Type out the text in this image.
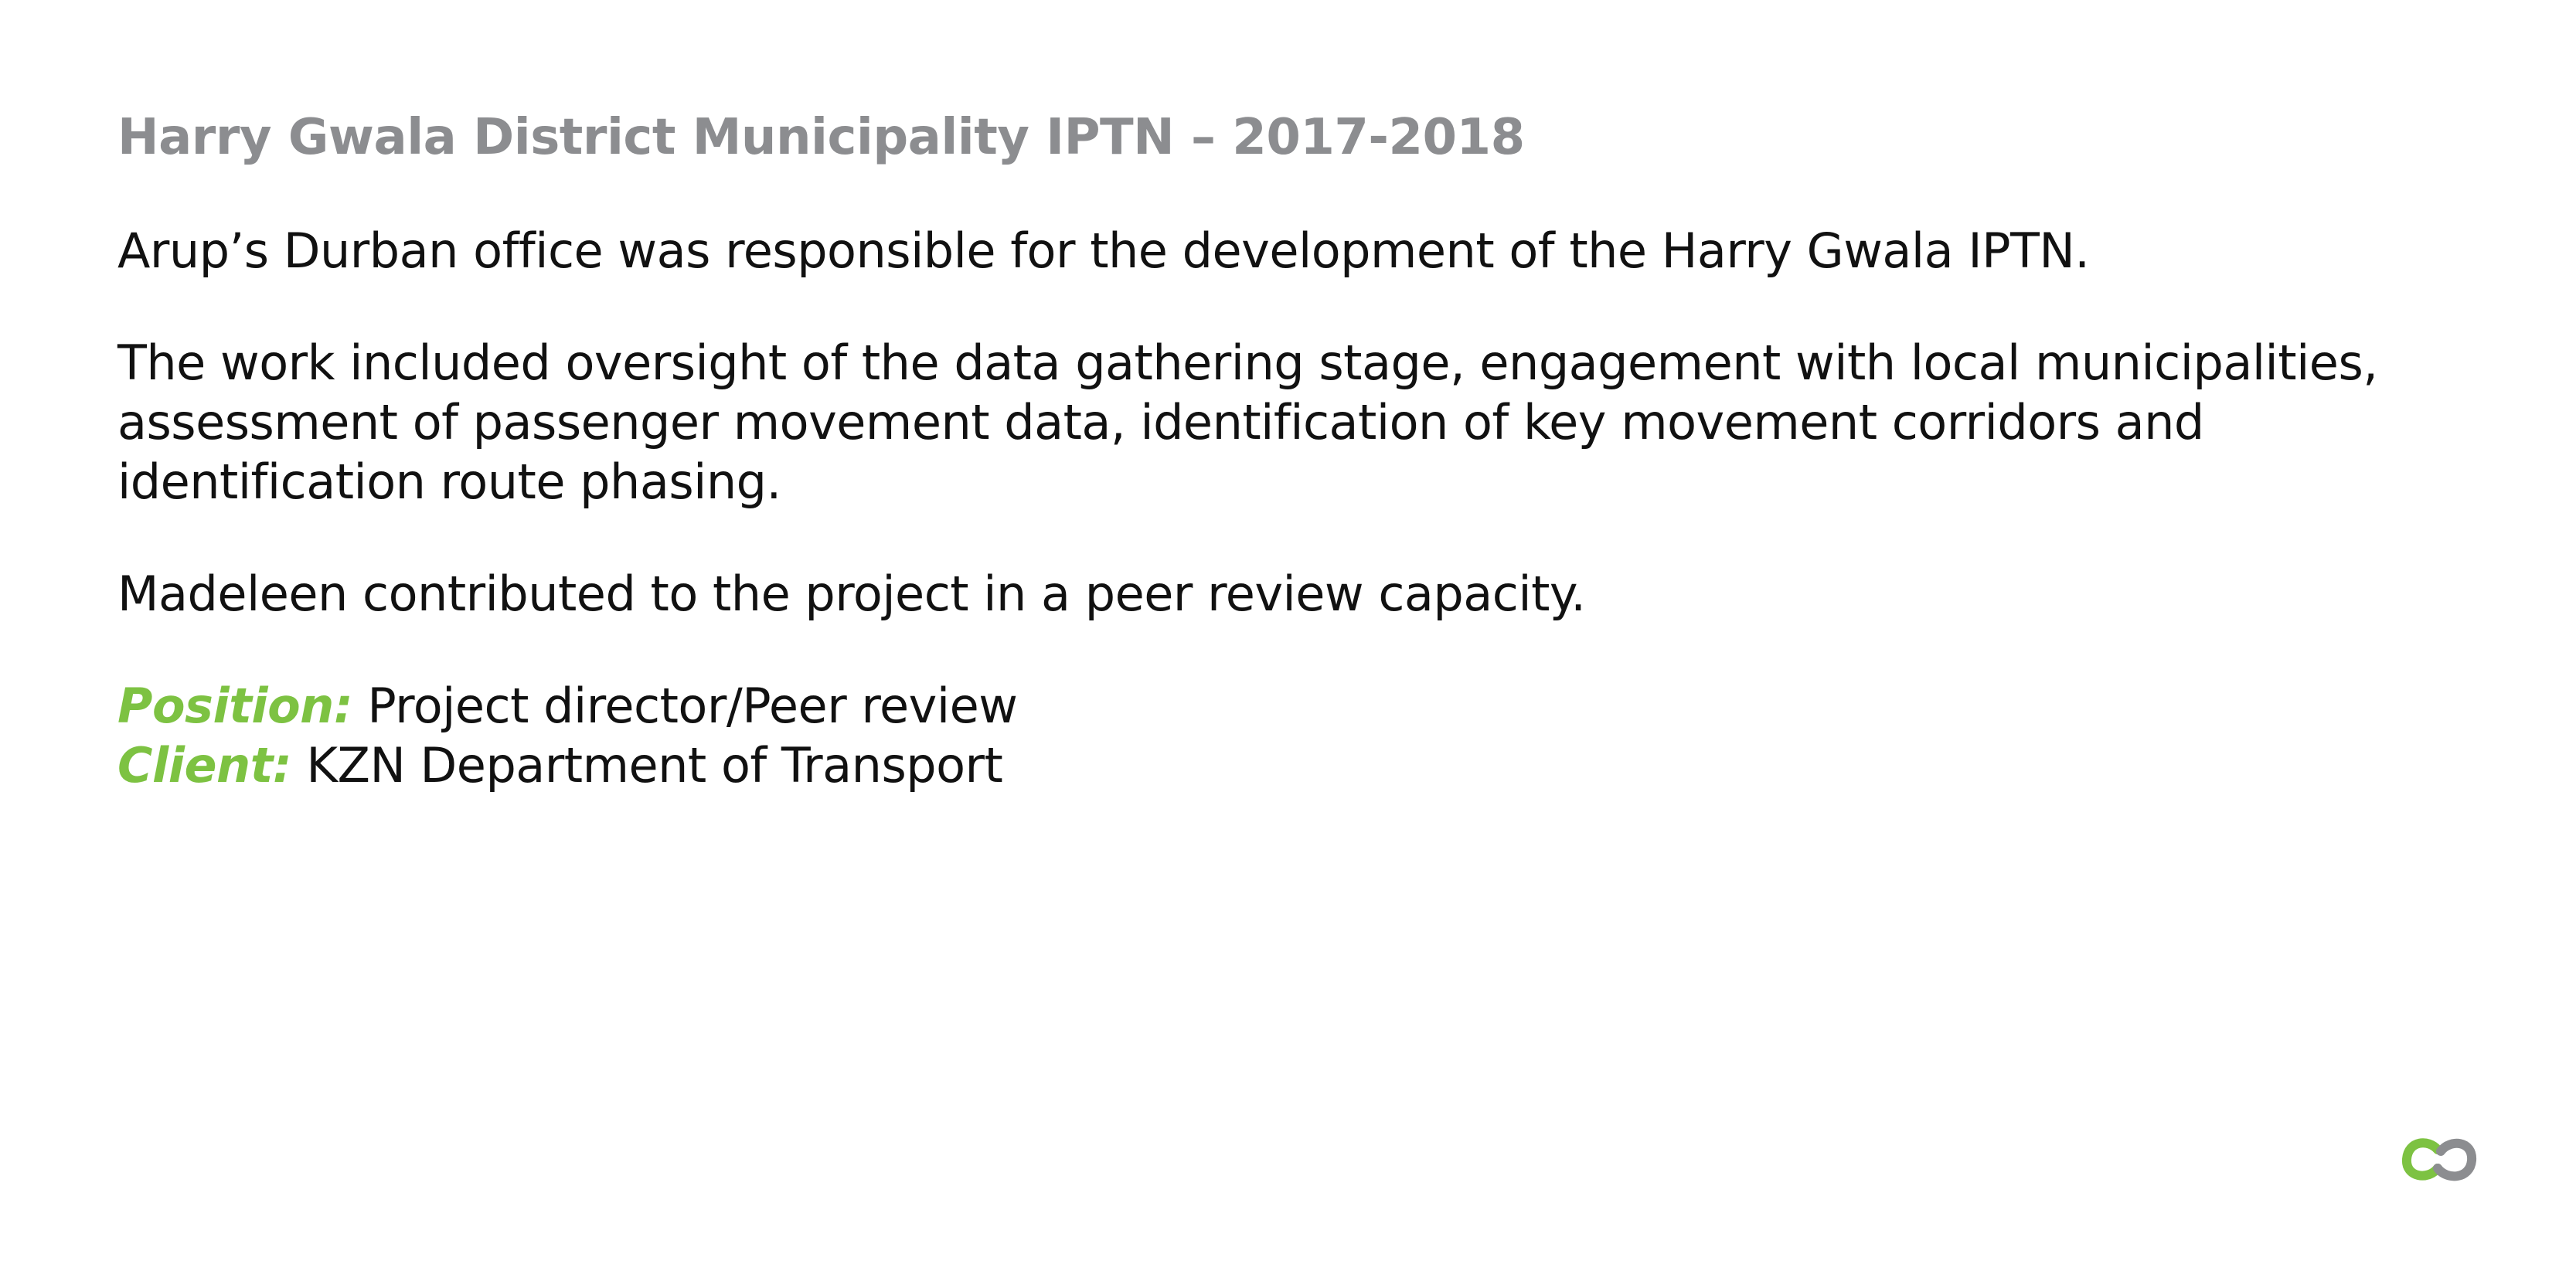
Harry Gwala District Municipality IPTN – 2017-2018

Arup’s Durban office was responsible for the development of the Harry Gwala IPTN.

The work included oversight of the data gathering stage, engagement with local municipalities, assessment of passenger movement data, identification of key movement corridors and identification route phasing.

Madeleen contributed to the project in a peer review capacity.

Position: Project director/Peer review
Client: KZN Department of Transport
